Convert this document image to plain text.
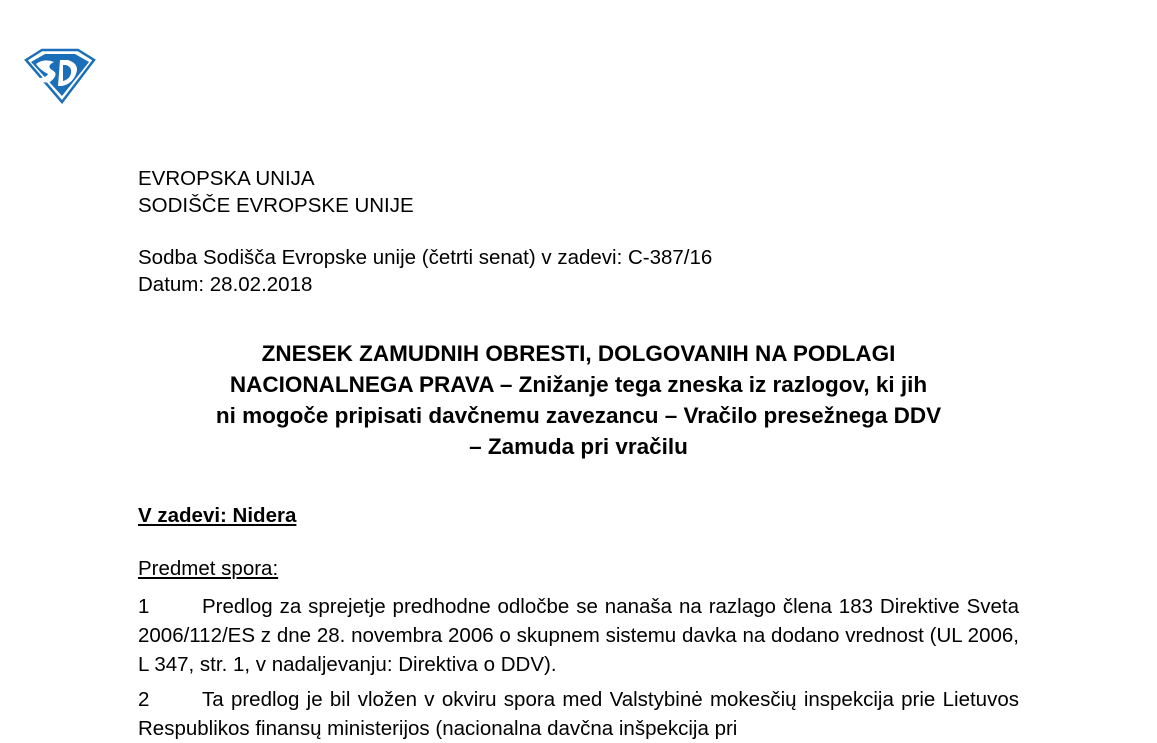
EVROPSKA UNIJA
SODIŠČE EVROPSKE UNIJE
Sodba Sodišča Evropske unije (četrti senat) v zadevi: C-387/16
Datum: 28.02.2018
ZNESEK ZAMUDNIH OBRESTI, DOLGOVANIH NA PODLAGI
NACIONALNEGA PRAVA – Znižanje tega zneska iz razlogov, ki jih
ni mogoče pripisati davčnemu zavezancu – Vračilo presežnega DDV
– Zamuda pri vračilu
V zadevi: Nidera
Predmet spora:
1	Predlog za sprejetje predhodne odločbe se nanaša na razlago člena 183 Direktive Sveta 2006/112/ES z dne 28. novembra 2006 o skupnem sistemu davka na dodano vrednost (UL 2006, L 347, str. 1, v nadaljevanju: Direktiva o DDV).
2	Ta predlog je bil vložen v okviru spora med Valstybinė mokesčių inspekcija prie Lietuvos Respublikos finansų ministerijos (nacionalna davčna inšpekcija pri
